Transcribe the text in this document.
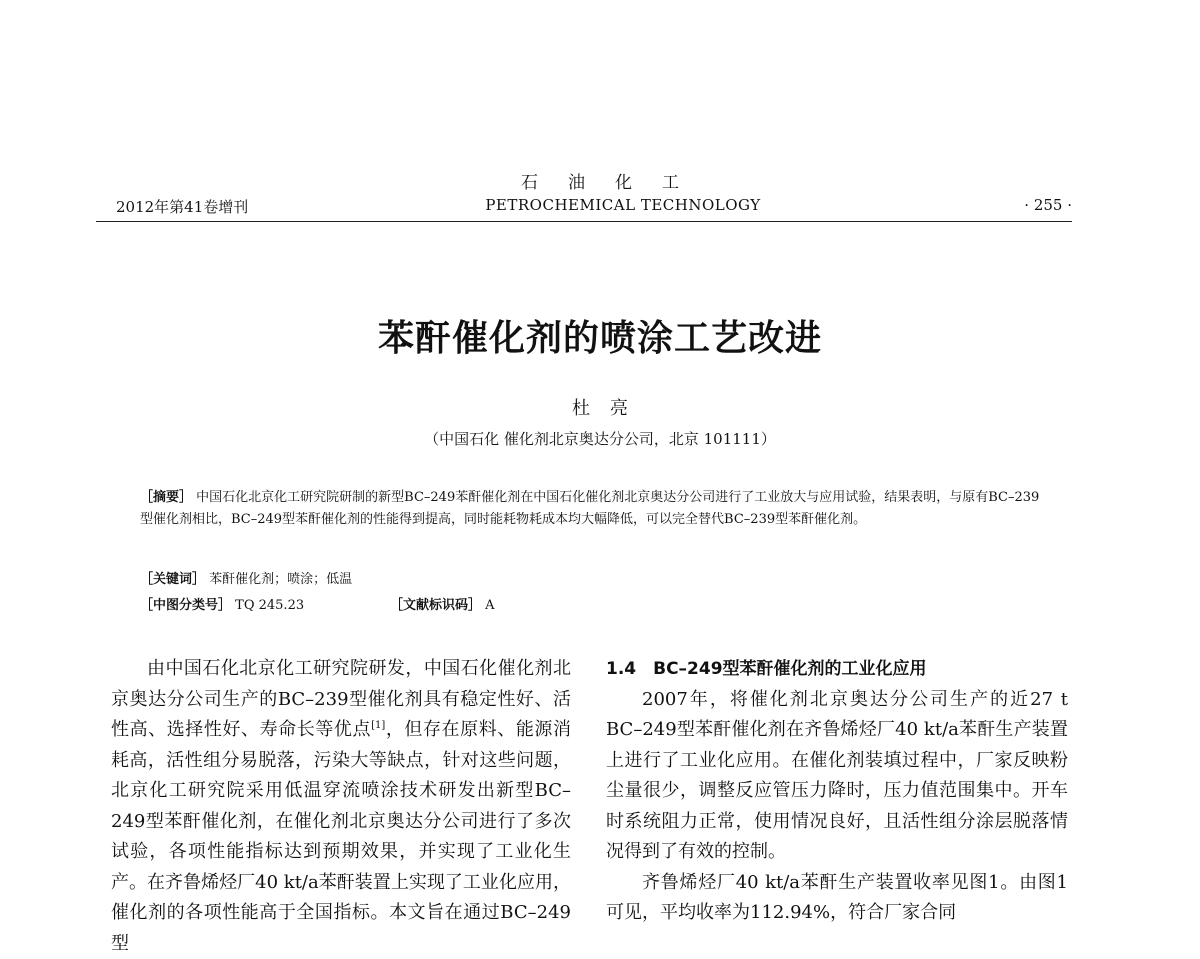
石油化工
2012年第41卷增刊	PETROCHEMICAL TECHNOLOGY	· 255 ·
苯酐催化剂的喷涂工艺改进
杜亮
（中国石化 催化剂北京奥达分公司，北京 101111）
［摘要］ 中国石化北京化工研究院研制的新型BC–249苯酐催化剂在中国石化催化剂北京奥达分公司进行了工业放大与应用试验，结果表明，与原有BC–239型催化剂相比，BC–249型苯酐催化剂的性能得到提高，同时能耗物耗成本均大幅降低，可以完全替代BC–239型苯酐催化剂。
［关键词］ 苯酐催化剂；喷涂；低温
［中图分类号］ TQ 245.23	［文献标识码］ A

由中国石化北京化工研究院研发，中国石化催化剂北京奥达分公司生产的BC–239型催化剂具有稳定性好、活性高、选择性好、寿命长等优点[1]，但存在原料、能源消耗高，活性组分易脱落，污染大等缺点，针对这些问题，北京化工研究院采用低温穿流喷涂技术研发出新型BC–249型苯酐催化剂，在催化剂北京奥达分公司进行了多次试验，各项性能指标达到预期效果，并实现了工业化生产。在齐鲁烯烃厂40 kt/a苯酐装置上实现了工业化应用，催化剂的各项性能高于全国指标。本文旨在通过BC–249型

1.4　BC–249型苯酐催化剂的工业化应用

2007年，将催化剂北京奥达分公司生产的近27 t BC–249型苯酐催化剂在齐鲁烯烃厂40 kt/a苯酐生产装置上进行了工业化应用。在催化剂装填过程中，厂家反映粉尘量很少，调整反应管压力降时，压力值范围集中。开车时系统阻力正常，使用情况良好，且活性组分涂层脱落情况得到了有效的控制。

齐鲁烯烃厂40 kt/a苯酐生产装置收率见图1。由图1可见，平均收率为112.94%，符合厂家合同
